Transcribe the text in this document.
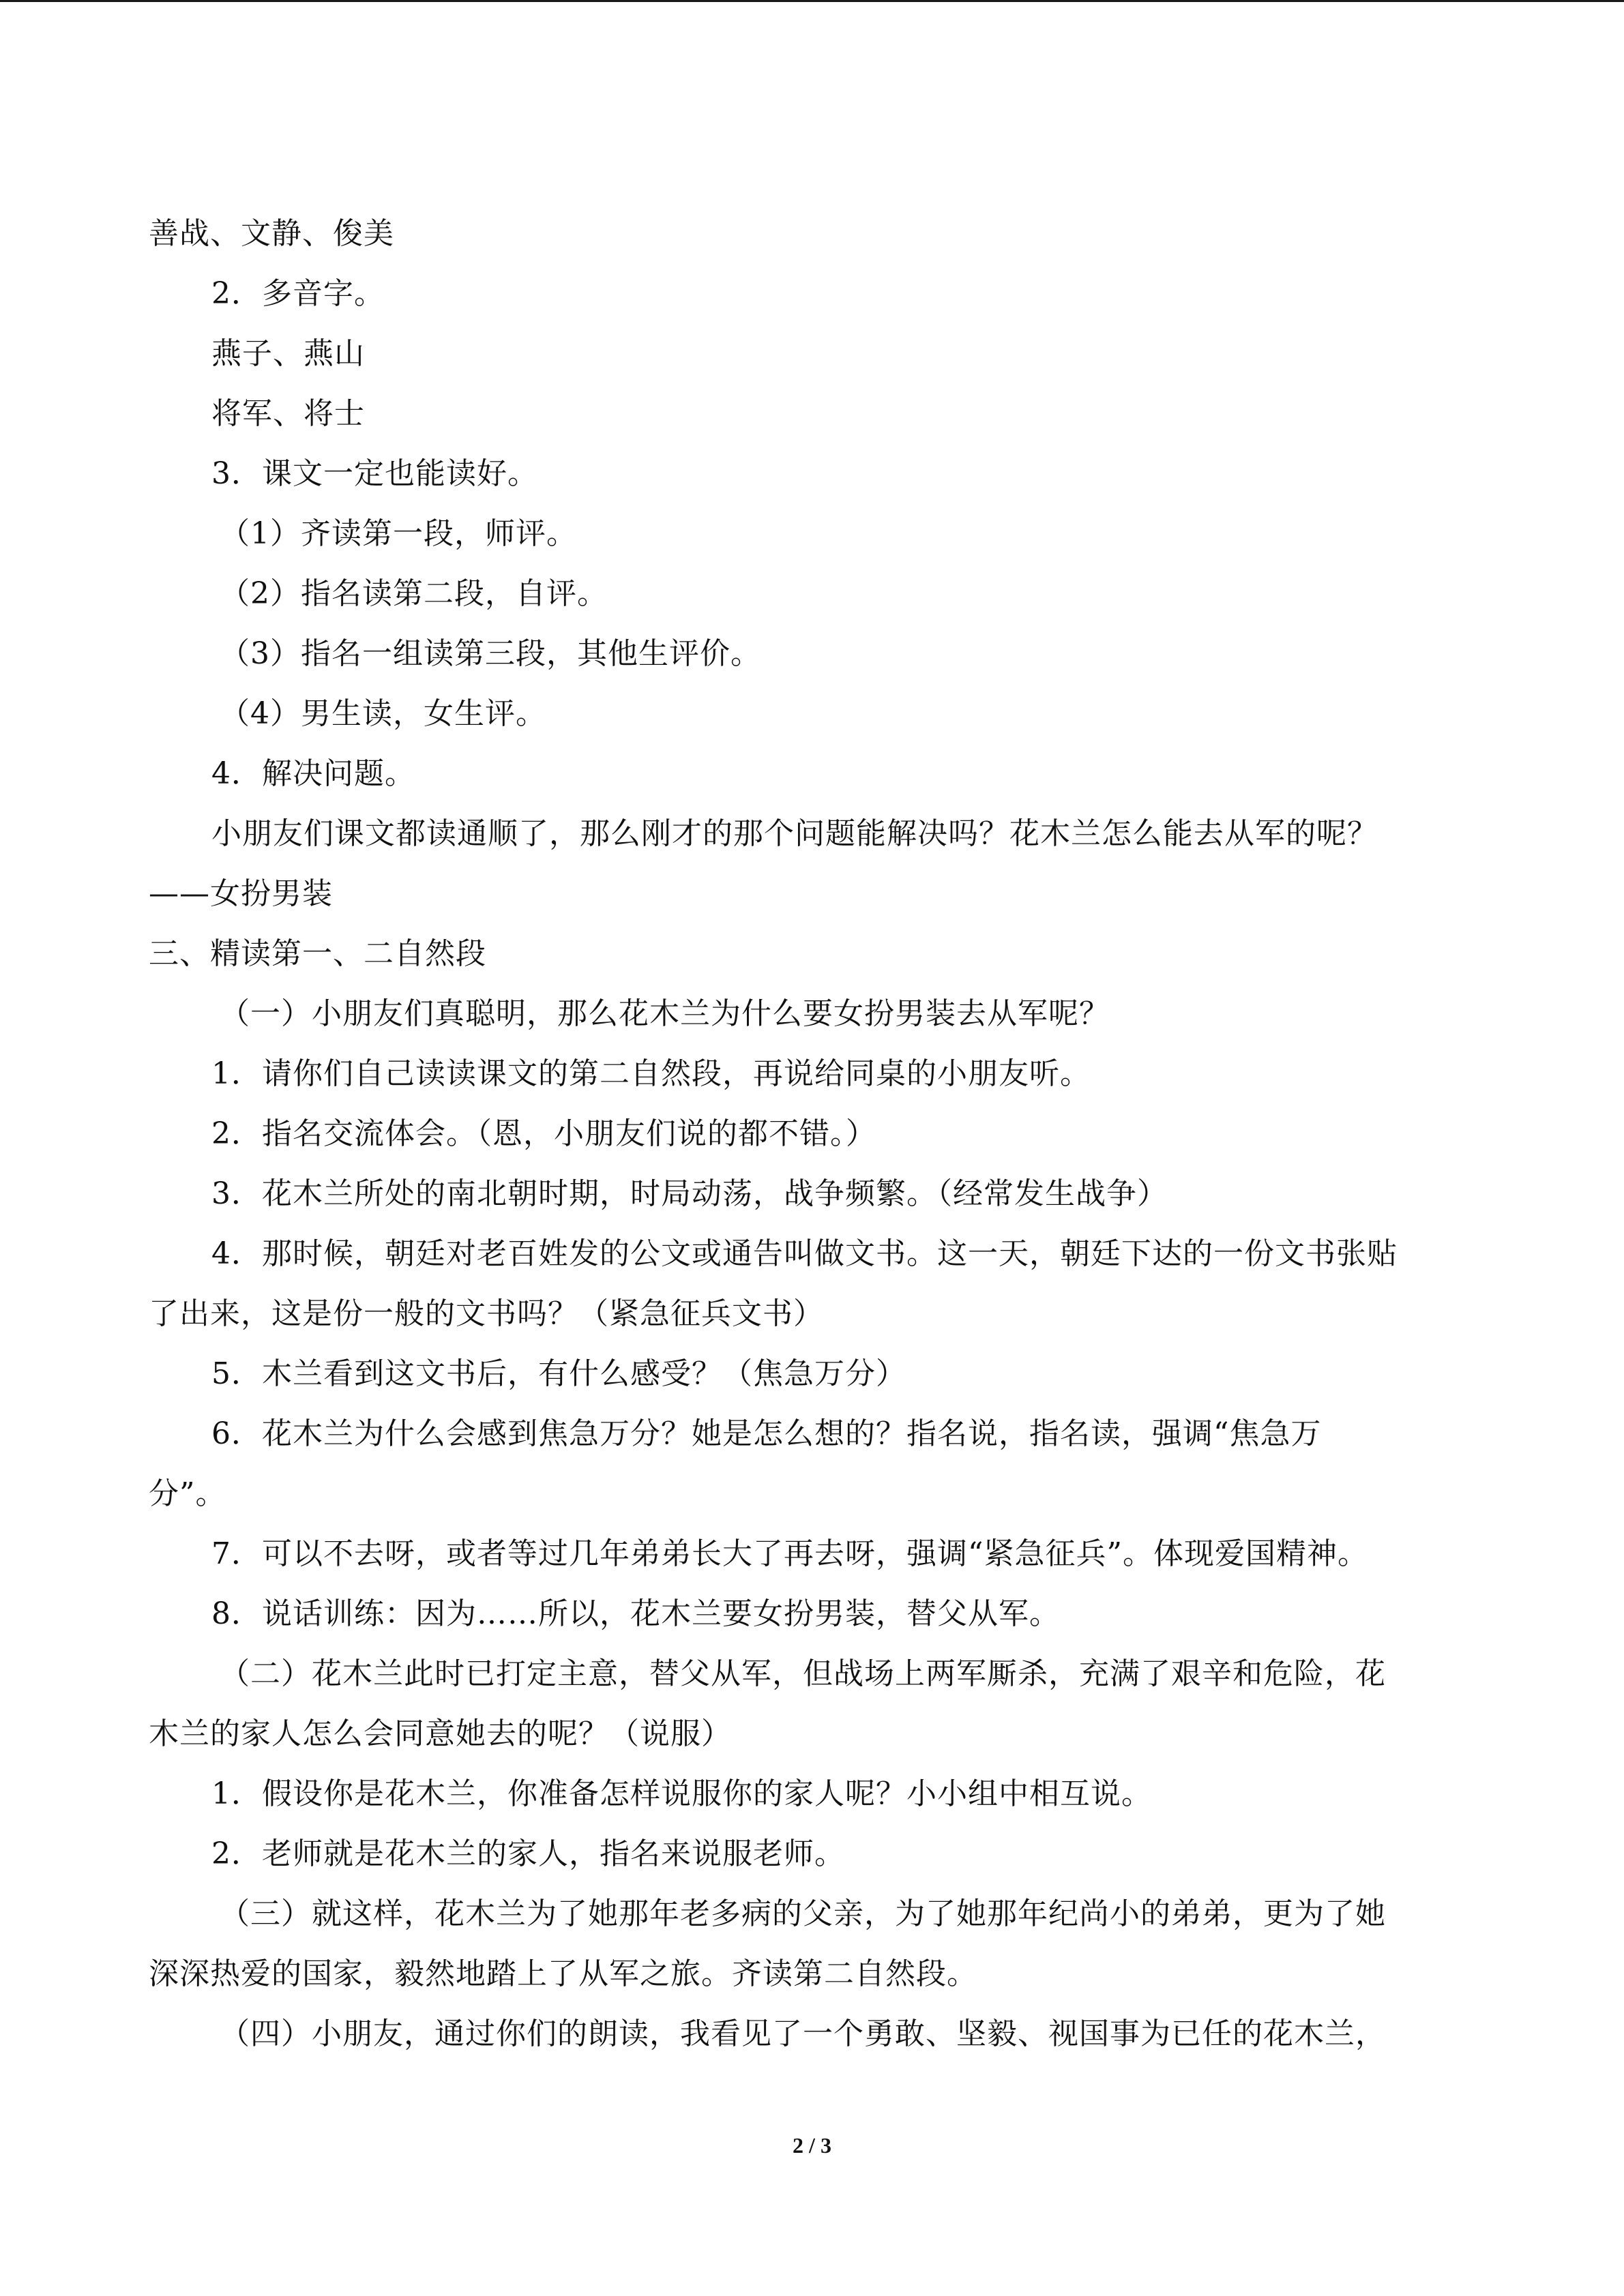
善战、文静、俊美
2．多音字。
燕子、燕山
将军、将士
3．课文一定也能读好。
（1）齐读第一段，师评。
（2）指名读第二段，自评。
（3）指名一组读第三段，其他生评价。
（4）男生读，女生评。
4．解决问题。
小朋友们课文都读通顺了，那么刚才的那个问题能解决吗？花木兰怎么能去从军的呢？
——女扮男装
三、精读第一、二自然段
（一）小朋友们真聪明，那么花木兰为什么要女扮男装去从军呢？
1．请你们自己读读课文的第二自然段，再说给同桌的小朋友听。
2．指名交流体会。（恩，小朋友们说的都不错。）
3．花木兰所处的南北朝时期，时局动荡，战争频繁。（经常发生战争）
4．那时候，朝廷对老百姓发的公文或通告叫做文书。这一天，朝廷下达的一份文书张贴
了出来，这是份一般的文书吗？（紧急征兵文书）
5．木兰看到这文书后，有什么感受？（焦急万分）
6．花木兰为什么会感到焦急万分？她是怎么想的？指名说，指名读，强调“焦急万
分”。
7．可以不去呀，或者等过几年弟弟长大了再去呀，强调“紧急征兵”。体现爱国精神。
8．说话训练：因为……所以，花木兰要女扮男装，替父从军。
（二）花木兰此时已打定主意，替父从军，但战场上两军厮杀，充满了艰辛和危险，花
木兰的家人怎么会同意她去的呢？（说服）
1．假设你是花木兰，你准备怎样说服你的家人呢？小小组中相互说。
2．老师就是花木兰的家人，指名来说服老师。
（三）就这样，花木兰为了她那年老多病的父亲，为了她那年纪尚小的弟弟，更为了她
深深热爱的国家，毅然地踏上了从军之旅。齐读第二自然段。
（四）小朋友，通过你们的朗读，我看见了一个勇敢、坚毅、视国事为已任的花木兰，
2 / 3
